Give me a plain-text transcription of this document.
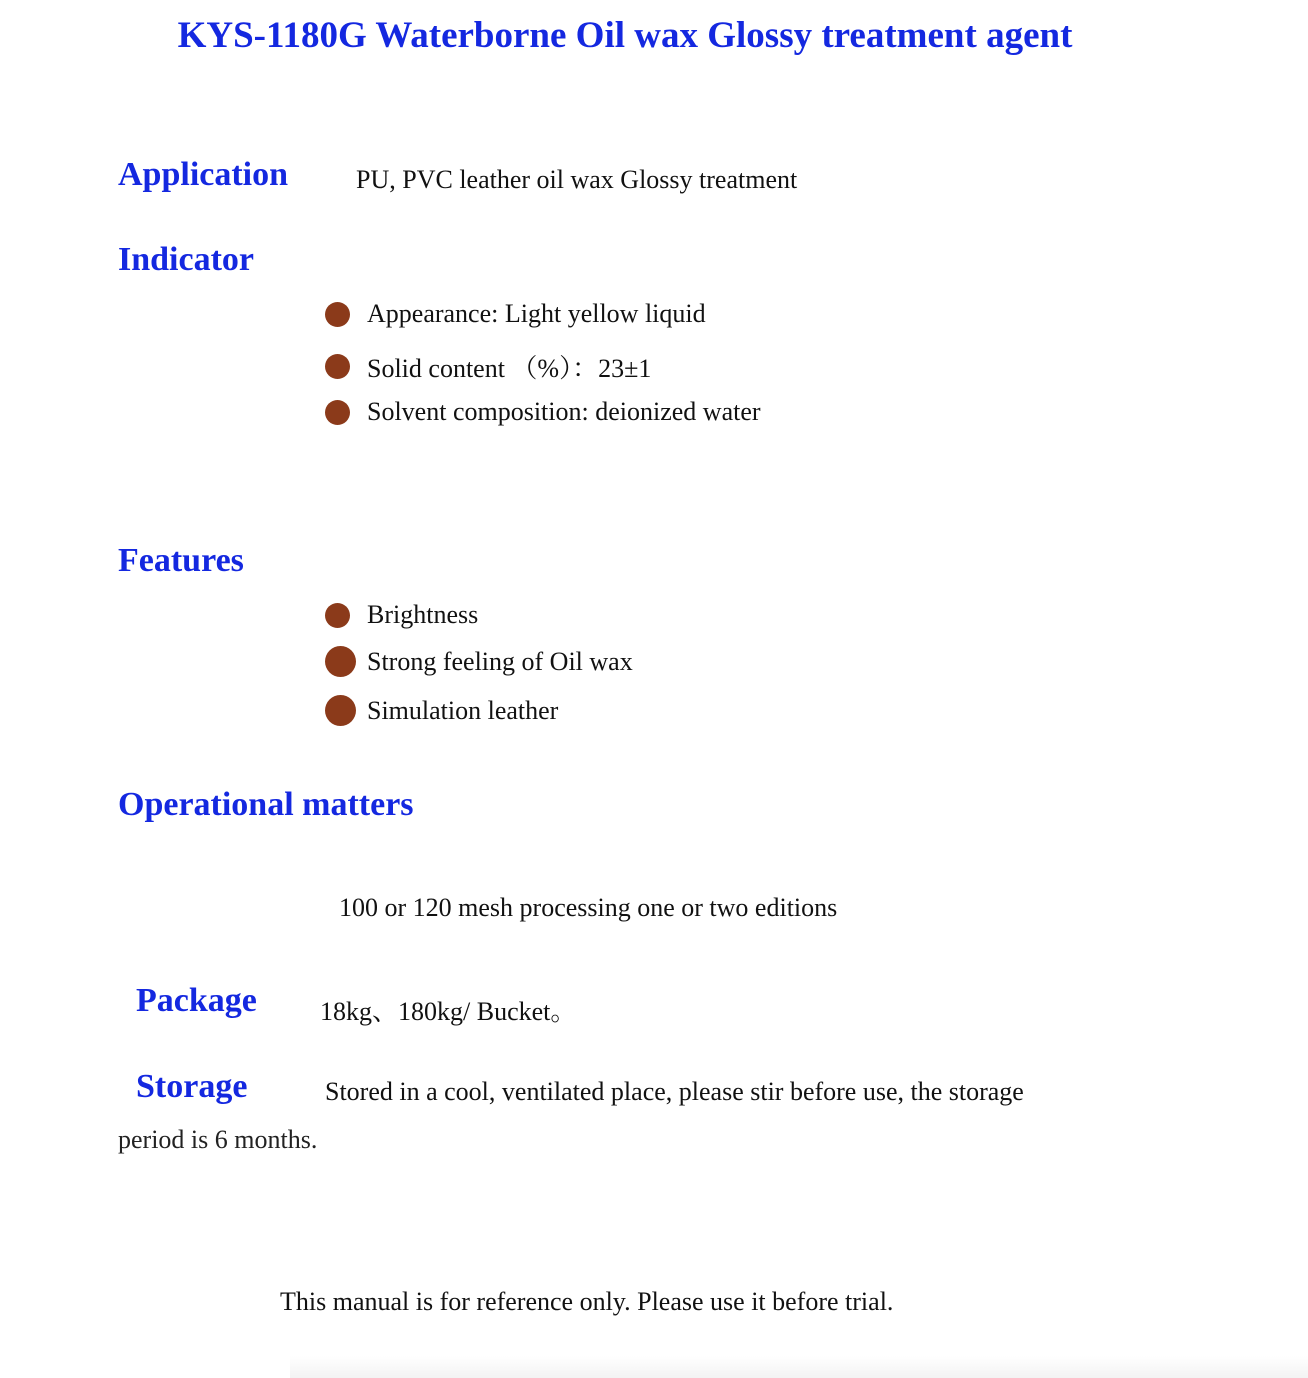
KYS-1180G Waterborne Oil wax Glossy treatment agent
Application	PU, PVC leather oil wax Glossy treatment
Indicator
Appearance: Light yellow liquid
Solid content （%）：23±1
Solvent composition: deionized water
Features
Brightness
Strong feeling of Oil wax
Simulation leather
Operational matters
100 or 120 mesh processing one or two editions
Package 18kg、180kg/ Bucket。
Storage	Stored in a cool, ventilated place, please stir before use, the storage
period is 6 months.
This manual is for reference only. Please use it before trial.
